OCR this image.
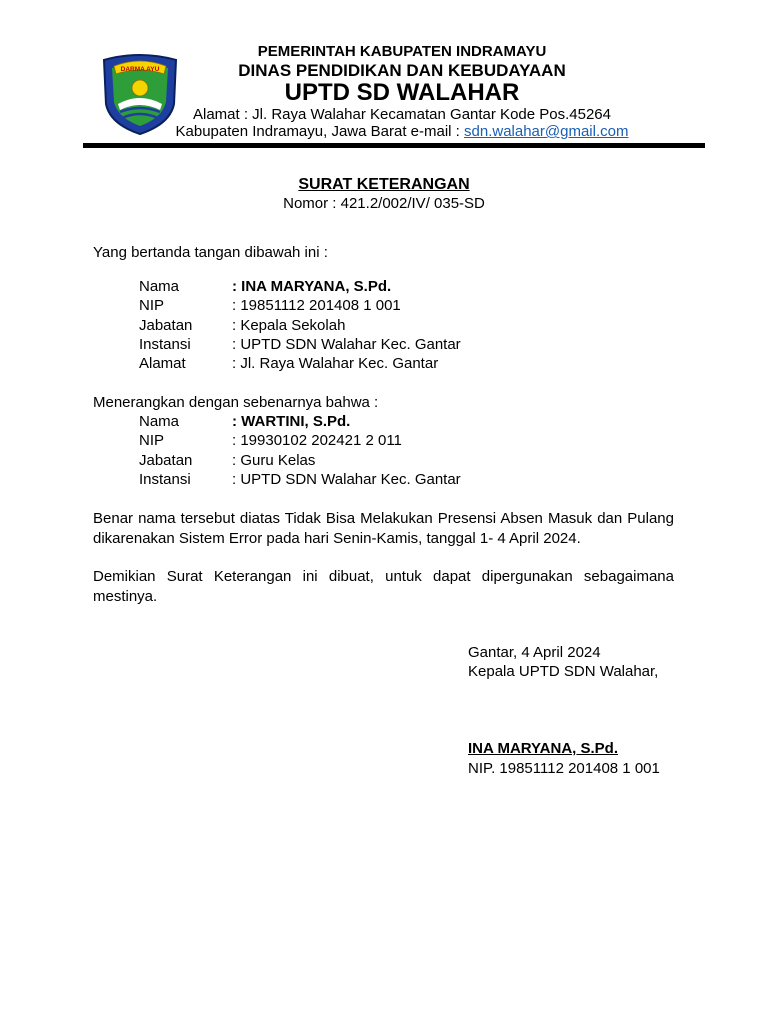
DARMA AYU
PEMERINTAH KABUPATEN INDRAMAYU
DINAS PENDIDIKAN DAN KEBUDAYAAN
UPTD SD WALAHAR
Alamat : Jl. Raya Walahar Kecamatan Gantar Kode Pos.45264
Kabupaten Indramayu, Jawa Barat e-mail : sdn.walahar@gmail.com
SURAT KETERANGAN
Nomor : 421.2/002/IV/ 035-SD
Yang bertanda tangan dibawah ini :
Nama	: INA MARYANA, S.Pd.
NIP	: 19851112 201408 1 001
Jabatan	: Kepala Sekolah
Instansi	: UPTD SDN Walahar Kec. Gantar
Alamat	: Jl. Raya Walahar Kec. Gantar
Menerangkan dengan sebenarnya bahwa :
Nama	: WARTINI, S.Pd.
NIP	: 19930102 202421 2 011
Jabatan	: Guru Kelas
Instansi	: UPTD SDN Walahar Kec. Gantar
Benar nama tersebut diatas Tidak Bisa Melakukan Presensi Absen Masuk dan Pulang dikarenakan Sistem Error pada hari Senin-Kamis, tanggal 1- 4 April 2024.
Demikian Surat Keterangan ini dibuat, untuk dapat dipergunakan sebagaimana mestinya.
Gantar, 4 April 2024
Kepala UPTD SDN Walahar,
INA MARYANA, S.Pd.
NIP. 19851112 201408 1 001
